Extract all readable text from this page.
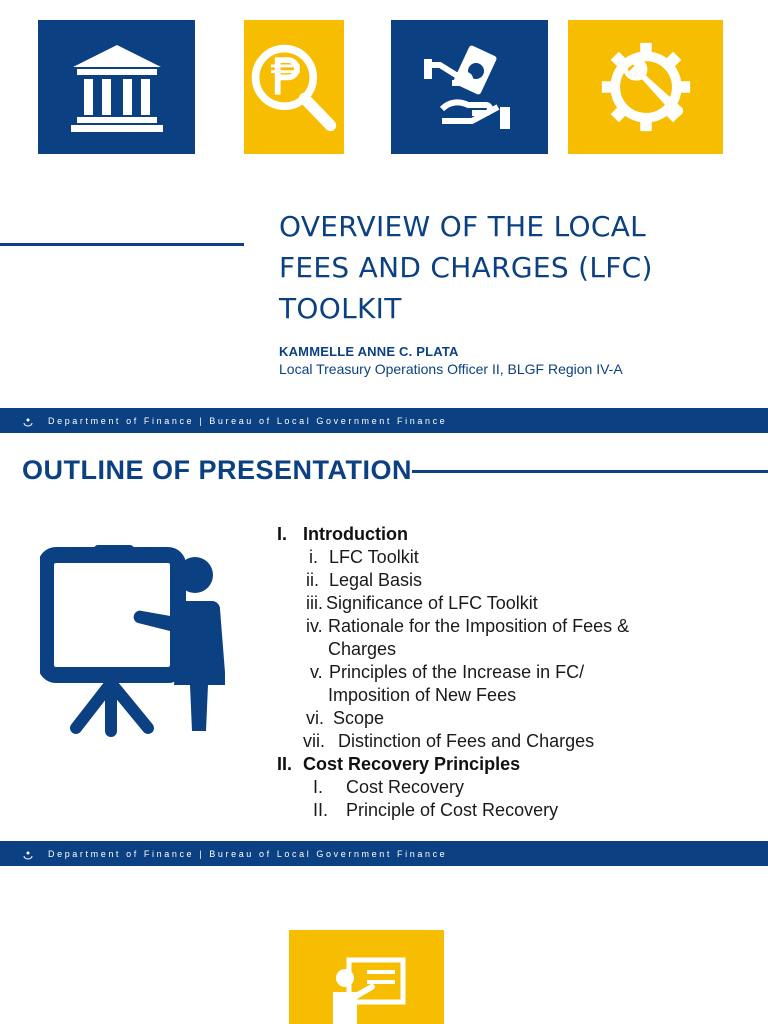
OVERVIEW OF THE LOCAL
FEES AND CHARGES (LFC)
TOOLKIT
KAMMELLE ANNE C. PLATA
Local Treasury Operations Officer II, BLGF Region IV-A
Department of Finance | Bureau of Local Government Finance
OUTLINE OF PRESENTATION
I. Introduction
i. LFC Toolkit
ii. Legal Basis
iii. Significance of LFC Toolkit
iv. Rationale for the Imposition of Fees &
Charges
v. Principles of the Increase in FC/
Imposition of New Fees
vi. Scope
vii. Distinction of Fees and Charges
II. Cost Recovery Principles
I.	Cost Recovery
II. Principle of Cost Recovery
Department of Finance | Bureau of Local Government Finance
